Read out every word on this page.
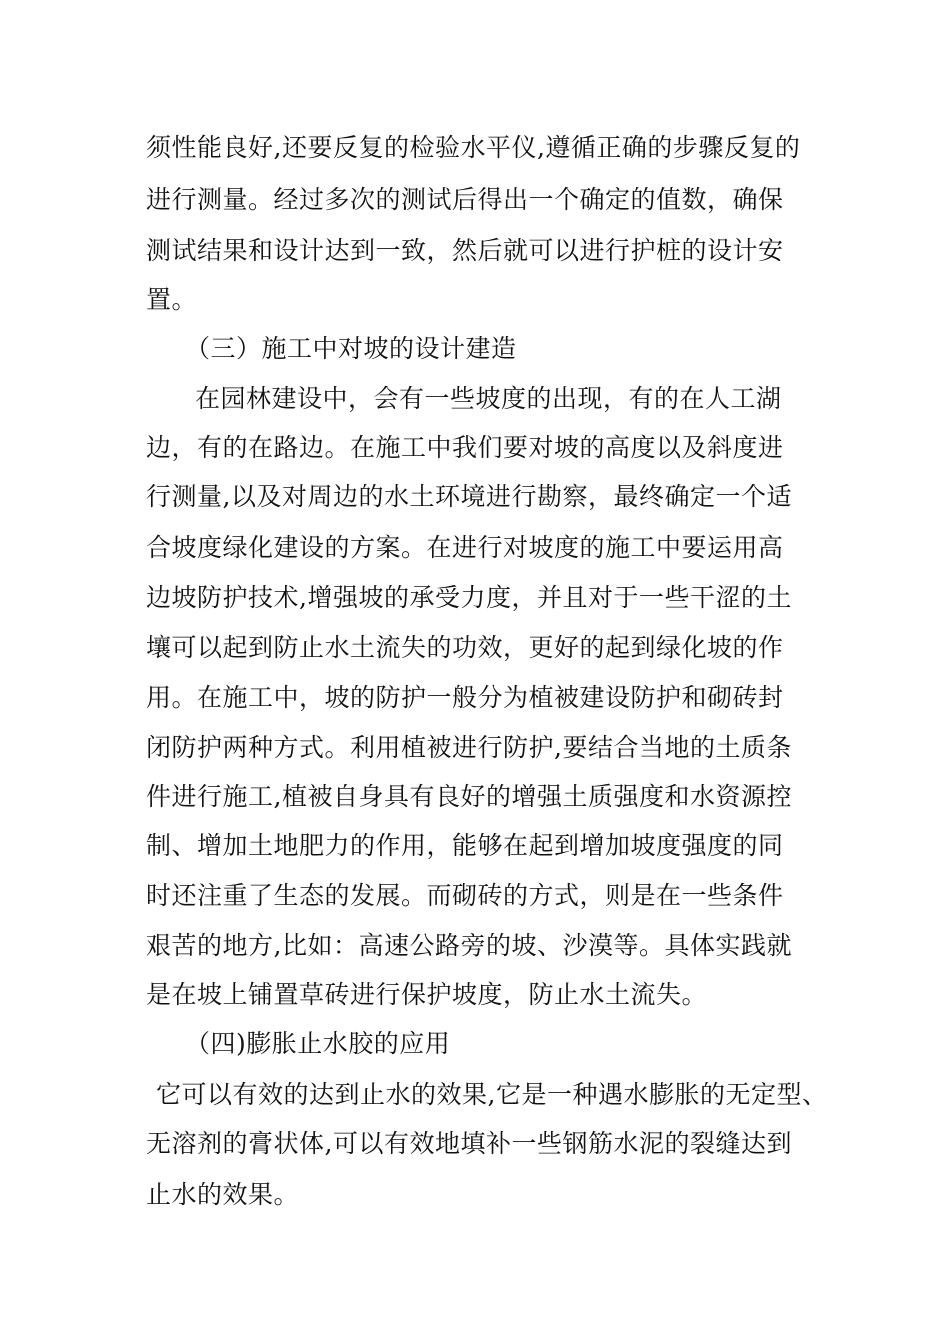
须性能良好,还要反复的检验水平仪,遵循正确的步骤反复的
进行测量。经过多次的测试后得出一个确定的值数，确保
测试结果和设计达到一致，然后就可以进行护桩的设计安
置。
（三）施工中对坡的设计建造
在园林建设中，会有一些坡度的出现，有的在人工湖
边，有的在路边。在施工中我们要对坡的高度以及斜度进
行测量,以及对周边的水土环境进行勘察，最终确定一个适
合坡度绿化建设的方案。在进行对坡度的施工中要运用高
边坡防护技术,增强坡的承受力度，并且对于一些干涩的土
壤可以起到防止水土流失的功效，更好的起到绿化坡的作
用。在施工中，坡的防护一般分为植被建设防护和砌砖封
闭防护两种方式。利用植被进行防护,要结合当地的土质条
件进行施工,植被自身具有良好的增强土质强度和水资源控
制、增加土地肥力的作用，能够在起到增加坡度强度的同
时还注重了生态的发展。而砌砖的方式，则是在一些条件
艰苦的地方,比如：高速公路旁的坡、沙漠等。具体实践就
是在坡上铺置草砖进行保护坡度，防止水土流失。
（四)膨胀止水胶的应用
它可以有效的达到止水的效果,它是一种遇水膨胀的无定型、
无溶剂的膏状体,可以有效地填补一些钢筋水泥的裂缝达到
止水的效果。
